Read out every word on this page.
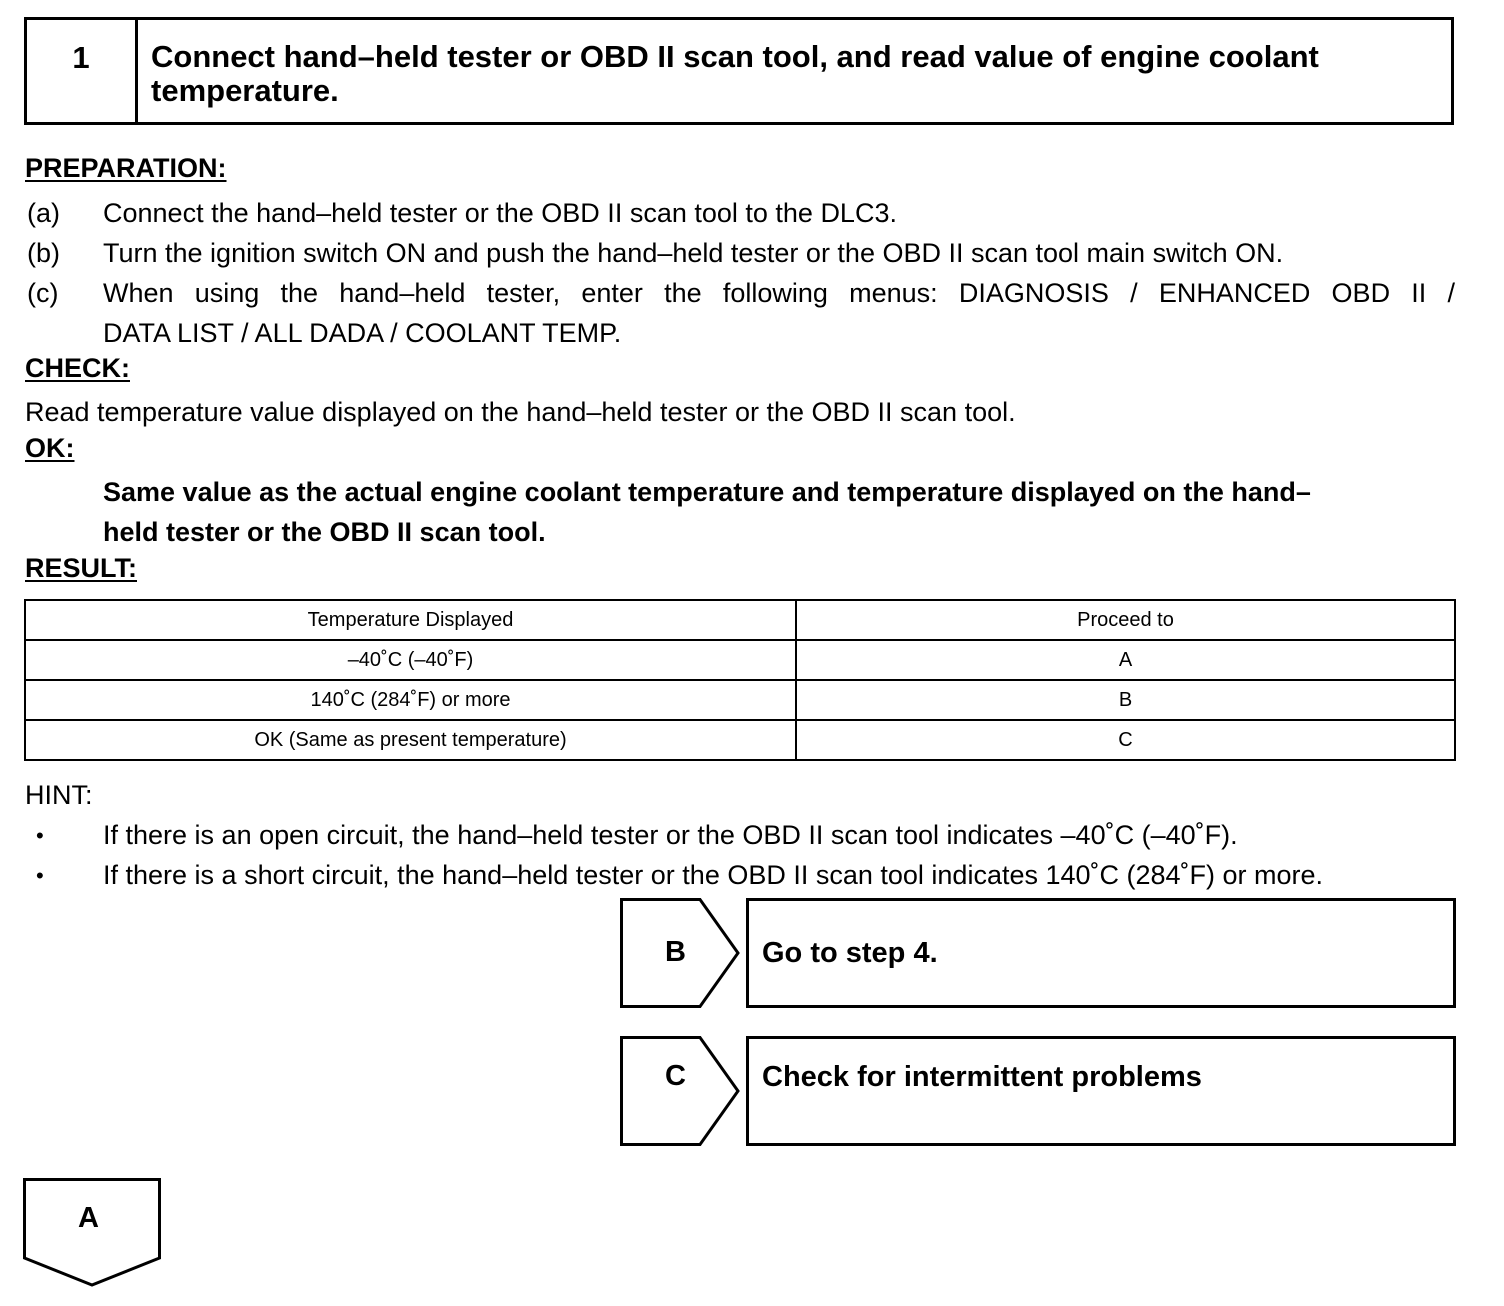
1	Connect hand–held tester or OBD II scan tool, and read value of engine coolant
temperature.
PREPARATION:
(a) Connect the hand–held tester or the OBD II scan tool to the DLC3.
(b) Turn the ignition switch ON and push the hand–held tester or the OBD II scan tool main switch ON.
(c) When using the hand–held tester, enter the following menus: DIAGNOSIS / ENHANCED OBD II /
DATA LIST / ALL DADA / COOLANT TEMP.
CHECK:
Read temperature value displayed on the hand–held tester or the OBD II scan tool.
OK:
Same value as the actual engine coolant temperature and temperature displayed on the hand–
held tester or the OBD II scan tool.
RESULT:
Temperature Displayed	Proceed to
–40˚C (–40˚F)	A
140˚C (284˚F) or more	B
OK (Same as present temperature)	C
HINT:
• If there is an open circuit, the hand–held tester or the OBD II scan tool indicates –40˚C (–40˚F).
• If there is a short circuit, the hand–held tester or the OBD II scan tool indicates 140˚C (284˚F) or more.
B	Go to step 4.
C	Check for intermittent problems
A
